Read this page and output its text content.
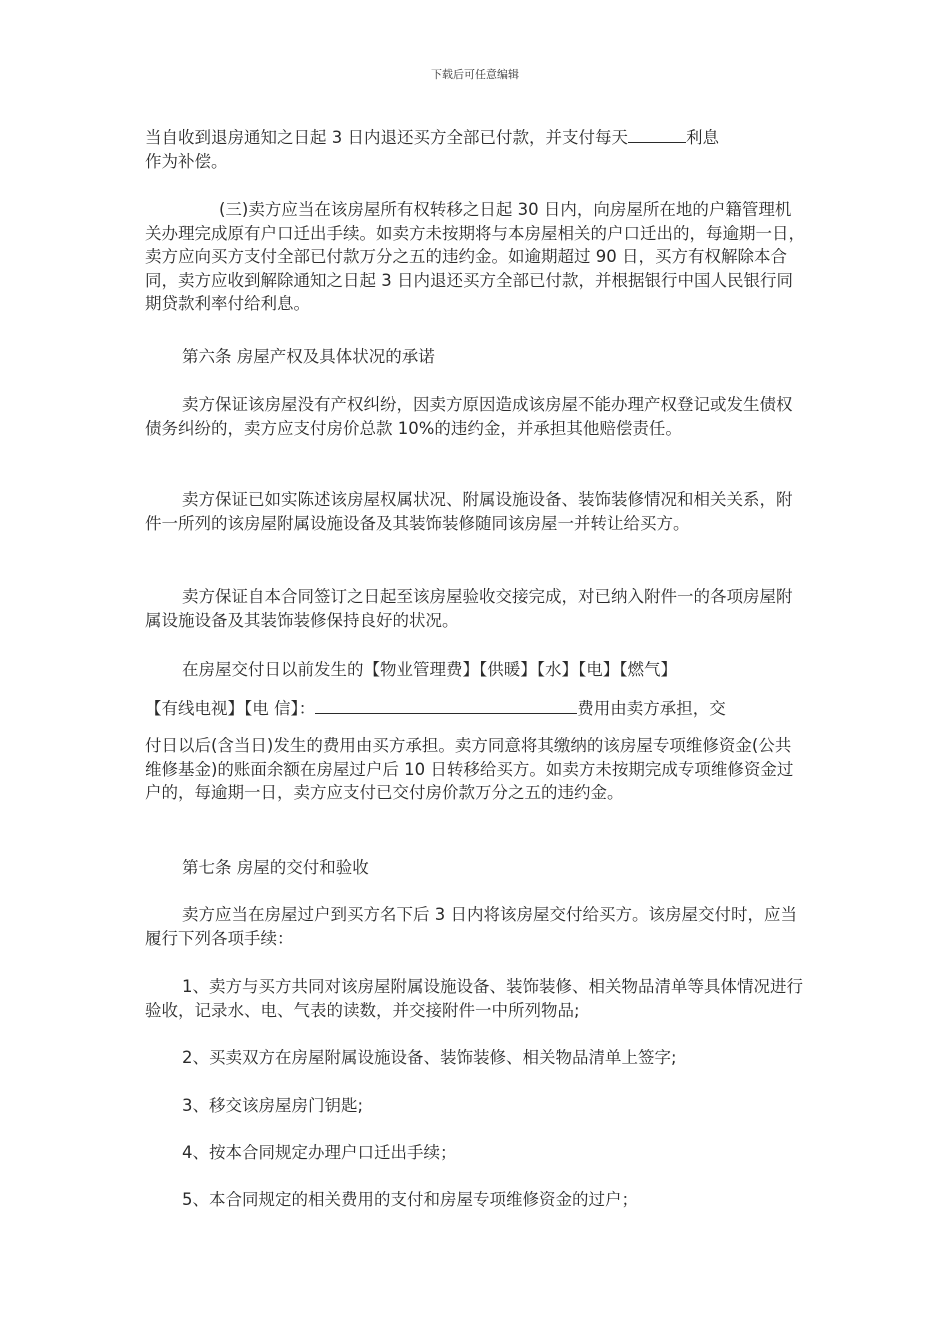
下载后可任意编辑

当自收到退房通知之日起 3 日内退还买方全部已付款，并支付每天	利息
作为补偿。

(三)卖方应当在该房屋所有权转移之日起 30 日内，向房屋所在地的户籍管理机关办理完成原有户口迁出手续。如卖方未按期将与本房屋相关的户口迁出的，每逾期一日，卖方应向买方支付全部已付款万分之五的违约金。如逾期超过 90 日，买方有权解除本合同，卖方应收到解除通知之日起 3 日内退还买方全部已付款，并根据银行中国人民银行同期贷款利率付给利息。

第六条 房屋产权及具体状况的承诺

卖方保证该房屋没有产权纠纷，因卖方原因造成该房屋不能办理产权登记或发生债权债务纠纷的，卖方应支付房价总款 10%的违约金，并承担其他赔偿责任。

卖方保证已如实陈述该房屋权属状况、附属设施设备、装饰装修情况和相关关系，附件一所列的该房屋附属设施设备及其装饰装修随同该房屋一并转让给买方。

卖方保证自本合同签订之日起至该房屋验收交接完成，对已纳入附件一的各项房屋附属设施设备及其装饰装修保持良好的状况。

在房屋交付日以前发生的【物业管理费】【供暖】【水】【电】【燃气】

【有线电视】【电 信】：	费用由卖方承担，交

付日以后(含当日)发生的费用由买方承担。卖方同意将其缴纳的该房屋专项维修资金(公共维修基金)的账面余额在房屋过户后 10 日转移给买方。如卖方未按期完成专项维修资金过户的，每逾期一日，卖方应支付已交付房价款万分之五的违约金。

第七条 房屋的交付和验收

卖方应当在房屋过户到买方名下后 3 日内将该房屋交付给买方。该房屋交付时，应当履行下列各项手续：

1、卖方与买方共同对该房屋附属设施设备、装饰装修、相关物品清单等具体情况进行验收，记录水、电、气表的读数，并交接附件一中所列物品;

2、买卖双方在房屋附属设施设备、装饰装修、相关物品清单上签字;

3、移交该房屋房门钥匙;

4、按本合同规定办理户口迁出手续；

5、本合同规定的相关费用的支付和房屋专项维修资金的过户；
